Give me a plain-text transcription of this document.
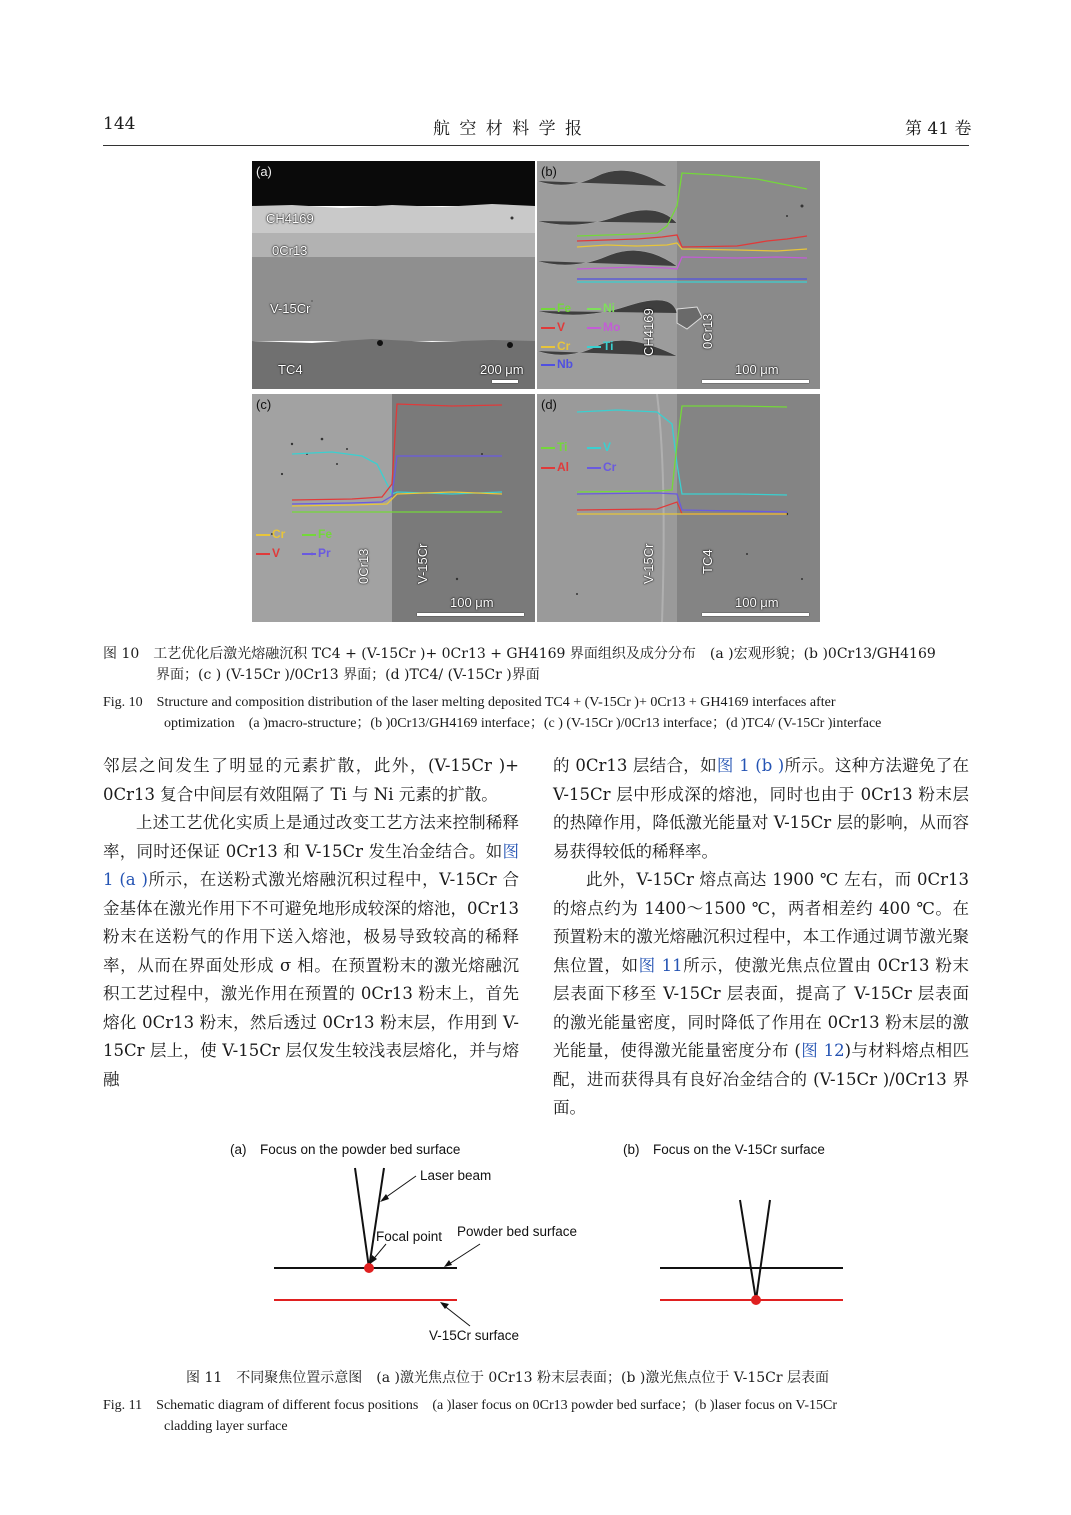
144	航 空 材 料 学 报	第 41 卷
(a)
CH4169
0Cr13
V-15Cr
TC4	200 μm
(b)
Fe	Ni
V	Mo
Cr	Ti
Nb
CH4169	0Cr13
100 μm
(c)
Cr	Fe
V	Pr 0Cr13	V-15Cr
100 μm
(d)
Ti	V
Al	Cr
V-15Cr	TC4
100 μm
图 10　工艺优化后激光熔融沉积 TC4 + (V-15Cr )+ 0Cr13 + GH4169 界面组织及成分分布　(a )宏观形貌；(b )0Cr13/GH4169
界面；(c ) (V-15Cr )/0Cr13 界面；(d )TC4/ (V-15Cr )界面
Fig. 10　Structure and composition distribution of the laser melting deposited TC4 + (V-15Cr )+ 0Cr13 + GH4169 interfaces after
optimization　(a )macro-structure；(b )0Cr13/GH4169 interface；(c ) (V-15Cr )/0Cr13 interface；(d )TC4/ (V-15Cr )interface

邻层之间发生了明显的元素扩散，此外，(V-15Cr )+ 0Cr13 复合中间层有效阻隔了 Ti 与 Ni 元素的扩散。

上述工艺优化实质上是通过改变工艺方法来控制稀释率，同时还保证 0Cr13 和 V-15Cr 发生冶金结合。如图 1 (a )所示，在送粉式激光熔融沉积过程中，V-15Cr 合金基体在激光作用下不可避免地形成较深的熔池，0Cr13 粉末在送粉气的作用下送入熔池，极易导致较高的稀释率，从而在界面处形成 σ 相。在预置粉末的激光熔融沉积工艺过程中，激光作用在预置的 0Cr13 粉末上，首先熔化 0Cr13 粉末，然后透过 0Cr13 粉末层，作用到 V-15Cr 层上，使 V-15Cr 层仅发生较浅表层熔化，并与熔融

的 0Cr13 层结合，如图 1 (b )所示。这种方法避免了在 V-15Cr 层中形成深的熔池，同时也由于 0Cr13 粉末层的热障作用，降低激光能量对 V-15Cr 层的影响，从而容易获得较低的稀释率。

此外，V-15Cr 熔点高达 1900 ℃ 左右，而 0Cr13 的熔点约为 1400～1500 ℃，两者相差约 400 ℃。在预置粉末的激光熔融沉积过程中，本工作通过调节激光聚焦位置，如图 11所示，使激光焦点位置由 0Cr13 粉末层表面下移至 V-15Cr 层表面，提高了 V-15Cr 层表面的激光能量密度，同时降低了作用在 0Cr13 粉末层的激光能量，使得激光能量密度分布 (图 12)与材料熔点相匹配，进而获得具有良好冶金结合的 (V-15Cr )/0Cr13 界面。

(a)　Focus on the powder bed surface	(b)　Focus on the V-15Cr surface
Laser beam
Focal point Powder bed surface
V-15Cr surface
图 11　不同聚焦位置示意图　(a )激光焦点位于 0Cr13 粉末层表面；(b )激光焦点位于 V-15Cr 层表面
Fig. 11　Schematic diagram of different focus positions　(a )laser focus on 0Cr13 powder bed surface；(b )laser focus on V-15Cr
cladding layer surface
